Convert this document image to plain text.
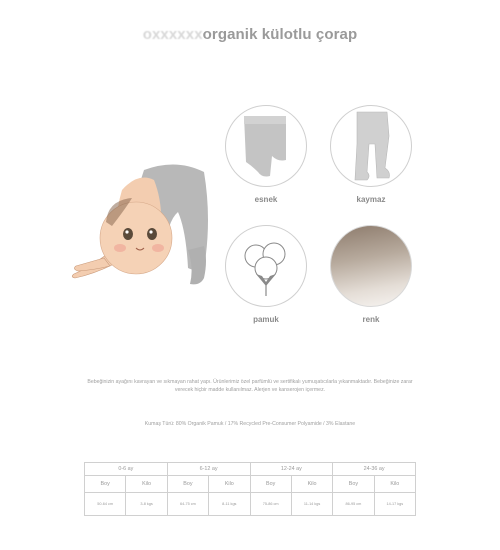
oxxxxxxorganik külotlu çorap
esnek	kaymaz
pamuk	renk
Bebeğinizin ayağını kavrayan ve sıkmayan rahat yapı. Ürünlerimiz özel parfümlü ve sertifikalı yumuşatıcılarla yıkanmaktadır. Bebeğinize zarar verecek hiçbir madde kullanılmaz. Alerjen ve kanserojen içermez.
Kumaş Türü: 80% Organik Pamuk / 17% Recycled Pre-Consumer Polyamide / 3% Elastane
0-6 ay		6-12 ay		12-24 ay		24-36 ay	
Boy	Kilo	Boy	Kilo	Boy	Kilo	Boy	Kilo
50-64 cm	3-8 kgs	64-75 cm	8-11 kgs	75-86 cm	11-14 kgs	86-95 cm	14-17 kgs
